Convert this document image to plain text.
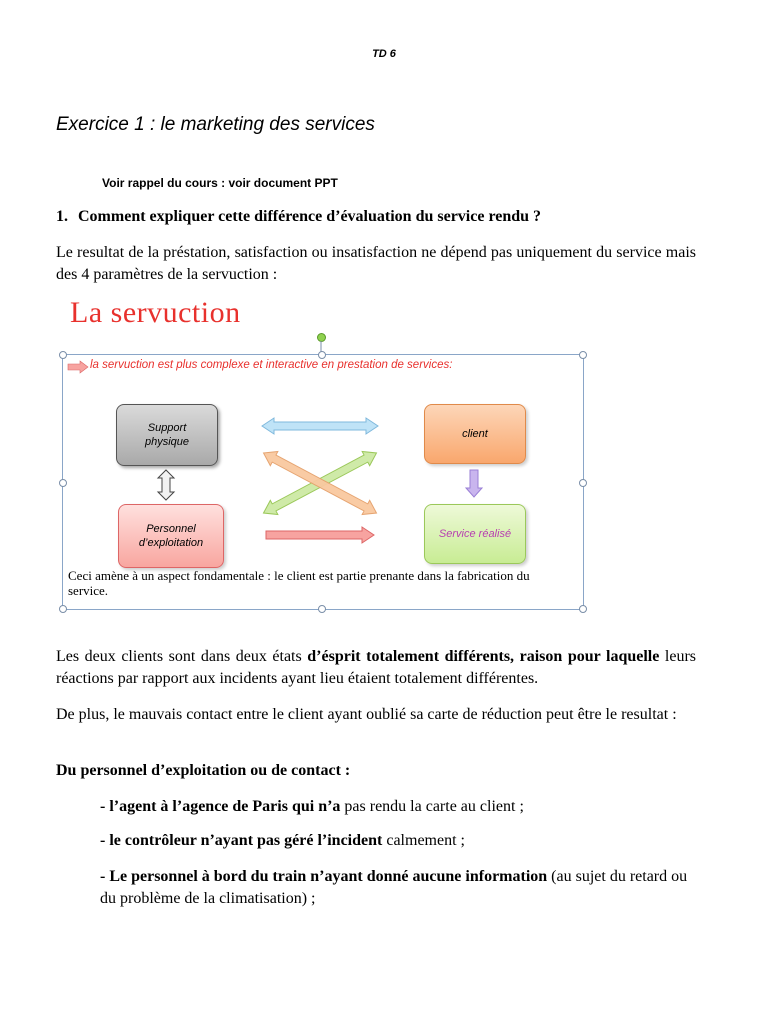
TD 6
Exercice 1 : le marketing des services
Voir rappel du cours : voir document PPT
1. Comment expliquer cette différence d’évaluation du service rendu ?
Le resultat de la préstation, satisfaction ou insatisfaction ne dépend pas uniquement du service mais des 4 paramètres de la servuction :
La servuction
la servuction est plus complexe et interactive en prestation de services:
Support physique
Personnel d’exploitation
client
Service réalisé
Ceci amène à un aspect fondamentale : le client est partie prenante dans la fabrication du service.
Les deux clients sont dans deux états d’ésprit totalement différents, raison pour laquelle leurs réactions par rapport aux incidents ayant lieu étaient totalement différentes.
De plus, le mauvais contact entre le client ayant oublié sa carte de réduction peut être le resultat :
Du personnel d’exploitation ou de contact :
- l’agent à l’agence de Paris qui n’a pas rendu la carte au client ;
- le contrôleur n’ayant pas géré l’incident calmement ;
- Le personnel à bord du train n’ayant donné aucune information (au sujet du retard ou du problème de la climatisation) ;
